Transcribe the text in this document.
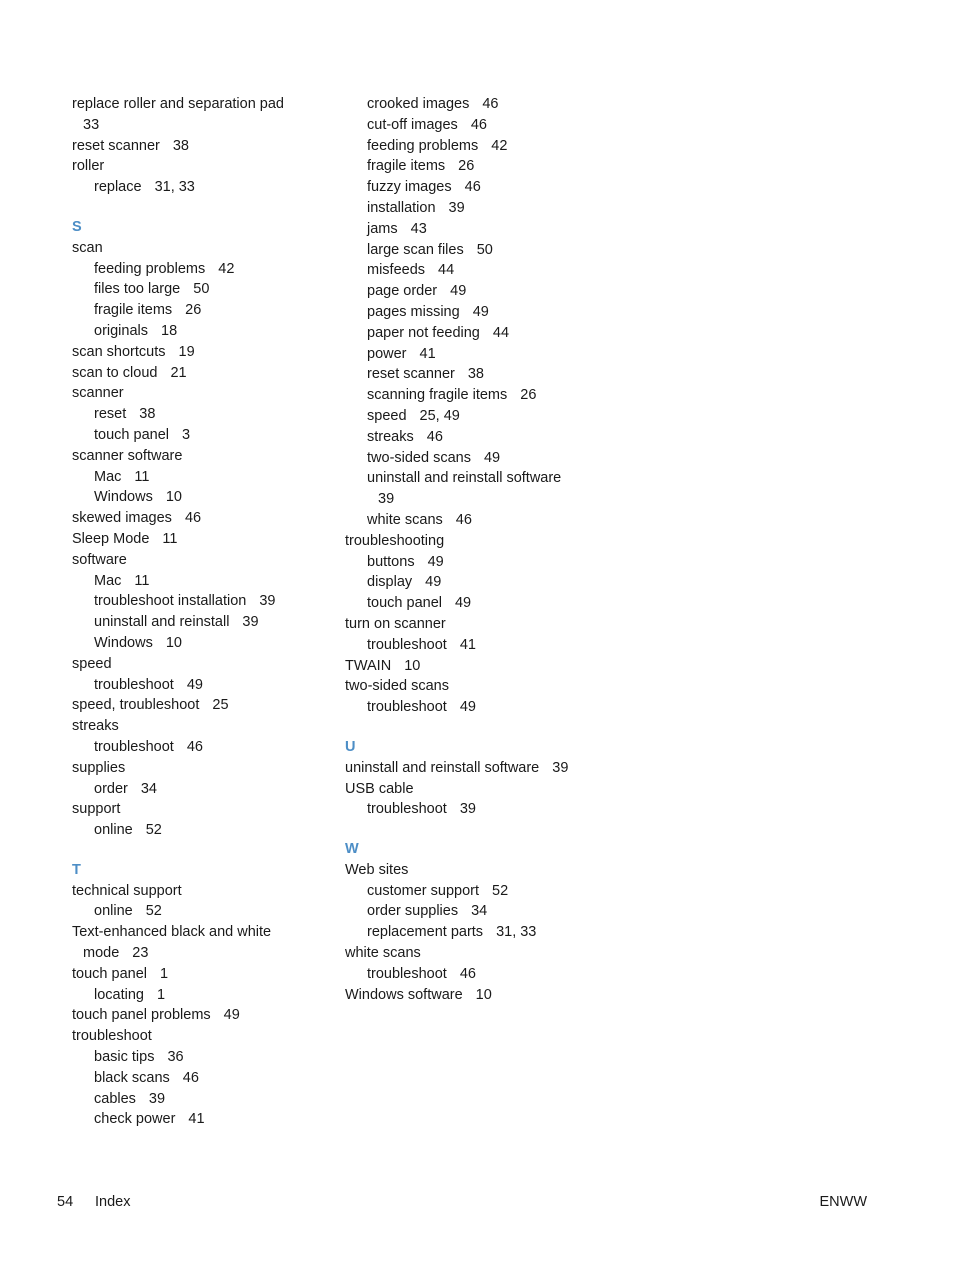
replace roller and separation pad
33
reset scanner 38
roller
replace 31, 33
S
scan
feeding problems 42
files too large 50
fragile items 26
originals 18
scan shortcuts 19
scan to cloud 21
scanner
reset 38
touch panel 3
scanner software
Mac 11
Windows 10
skewed images 46
Sleep Mode 11
software
Mac 11
troubleshoot installation 39
uninstall and reinstall 39
Windows 10
speed
troubleshoot 49
speed, troubleshoot 25
streaks
troubleshoot 46
supplies
order 34
support
online 52
T
technical support
online 52
Text-enhanced black and white
mode 23
touch panel 1
locating 1
touch panel problems 49
troubleshoot
basic tips 36
black scans 46
cables 39
check power 41
crooked images 46
cut-off images 46
feeding problems 42
fragile items 26
fuzzy images 46
installation 39
jams 43
large scan files 50
misfeeds 44
page order 49
pages missing 49
paper not feeding 44
power 41
reset scanner 38
scanning fragile items 26
speed 25, 49
streaks 46
two-sided scans 49
uninstall and reinstall software
39
white scans 46
troubleshooting
buttons 49
display 49
touch panel 49
turn on scanner
troubleshoot 41
TWAIN 10
two-sided scans
troubleshoot 49
U
uninstall and reinstall software 39
USB cable
troubleshoot 39
W
Web sites
customer support 52
order supplies 34
replacement parts 31, 33
white scans
troubleshoot 46
Windows software 10
54 Index	ENWW
